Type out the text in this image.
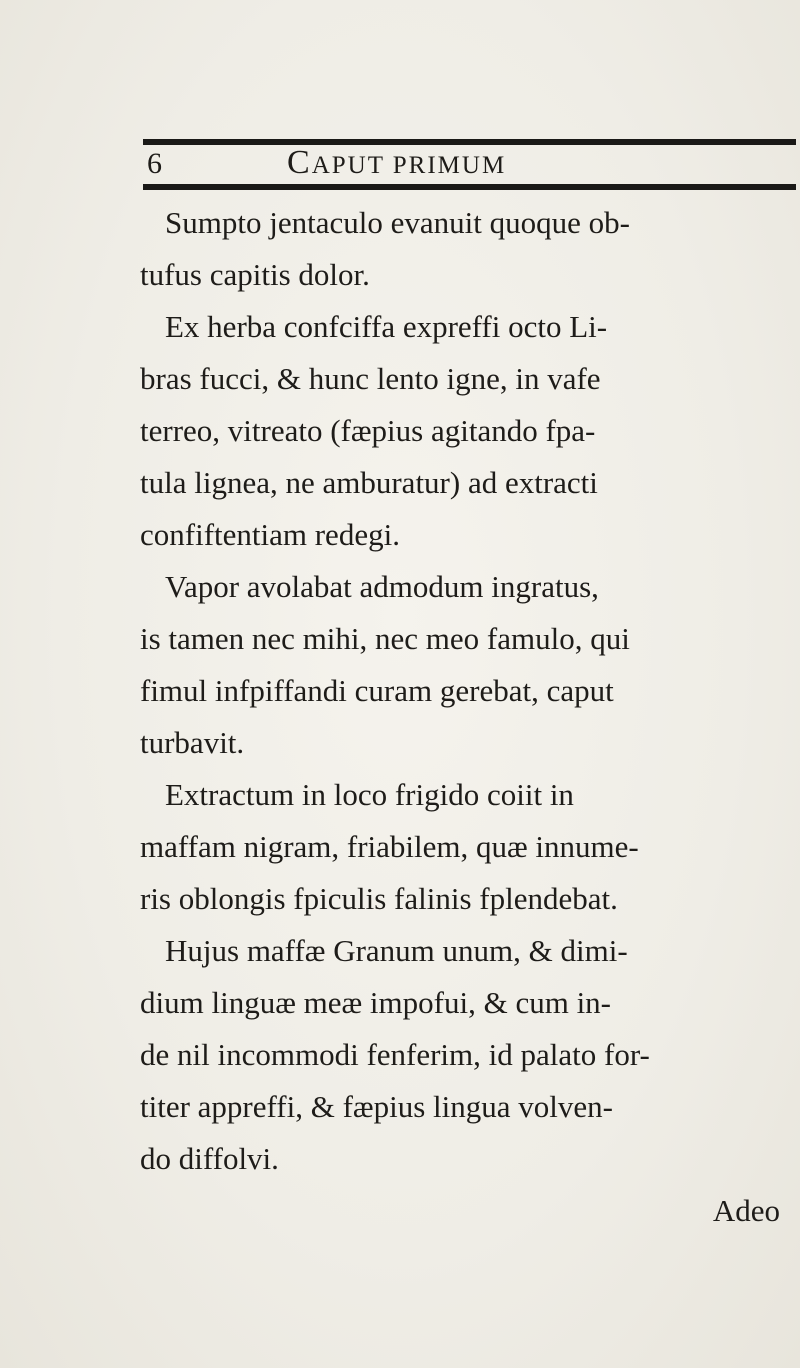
6	CAPUT PRIMUM
Sumpto jentaculo evanuit quoque ob-
tufus capitis dolor.
Ex herba confciffa expreffi octo Li-
bras fucci, & hunc lento igne, in vafe
terreo, vitreato (fæpius agitando fpa-
tula lignea, ne amburatur) ad extracti
confiftentiam redegi.
Vapor avolabat admodum ingratus,
is tamen nec mihi, nec meo famulo, qui
fimul infpiffandi curam gerebat, caput
turbavit.
Extractum in loco frigido coiit in
maffam nigram, friabilem, quæ innume-
ris oblongis fpiculis falinis fplendebat.
Hujus maffæ Granum unum, & dimi-
dium linguæ meæ impofui, & cum in-
de nil incommodi fenferim, id palato for-
titer appreffi, & fæpius lingua volven-
do diffolvi.
Adeo
